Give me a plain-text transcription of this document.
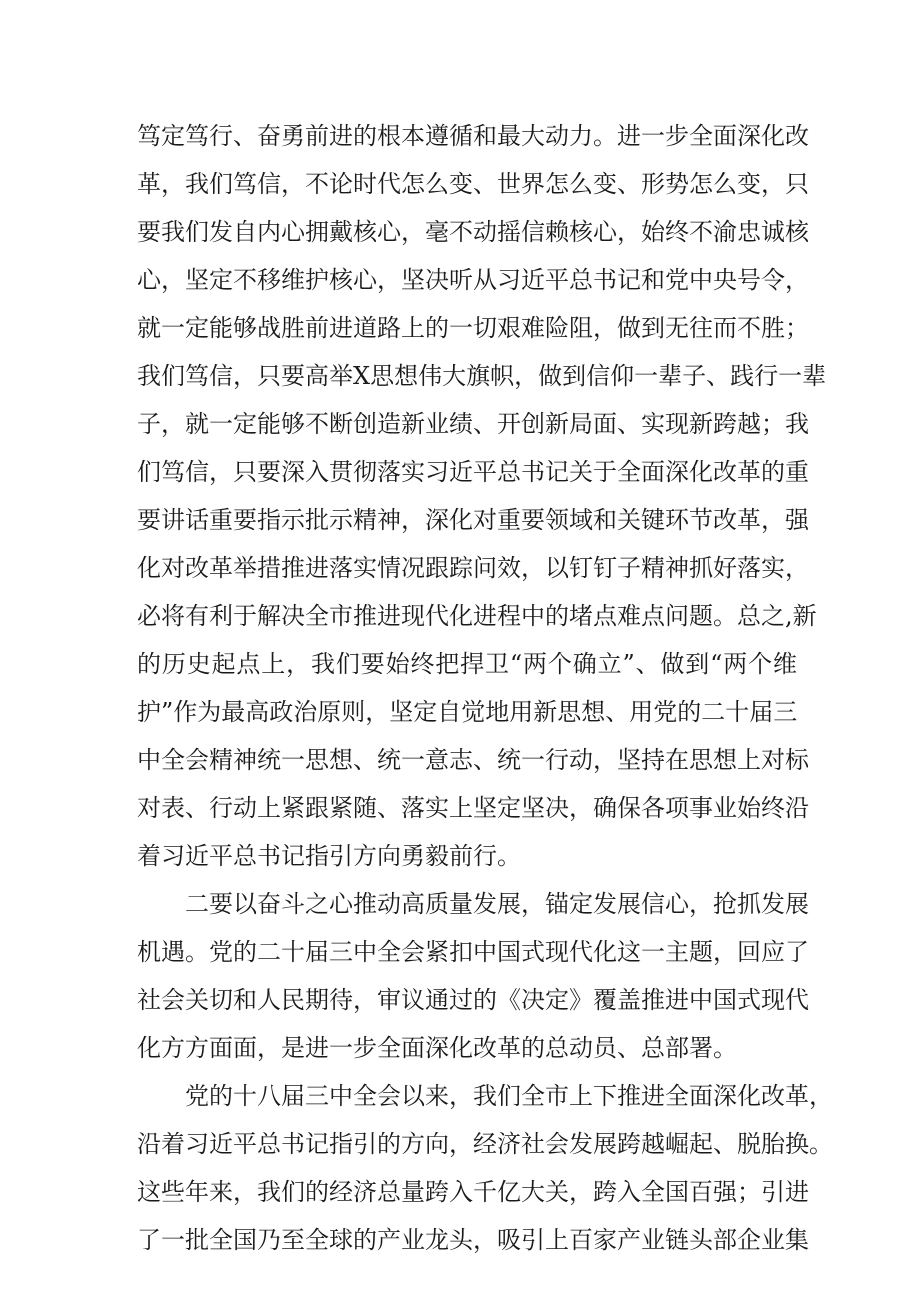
笃定笃行、奋勇前进的根本遵循和最大动力。进一步全面深化改
革，我们笃信，不论时代怎么变、世界怎么变、形势怎么变，只
要我们发自内心拥戴核心，毫不动摇信赖核心，始终不渝忠诚核
心，坚定不移维护核心，坚决听从习近平总书记和党中央号令，
就一定能够战胜前进道路上的一切艰难险阻，做到无往而不胜；
我们笃信，只要高举X思想伟大旗帜，做到信仰一辈子、践行一辈
子，就一定能够不断创造新业绩、开创新局面、实现新跨越；我
们笃信，只要深入贯彻落实习近平总书记关于全面深化改革的重
要讲话重要指示批示精神，深化对重要领域和关键环节改革，强
化对改革举措推进落实情况跟踪问效，以钉钉子精神抓好落实，
必将有利于解决全市推进现代化进程中的堵点难点问题。总之,新
的历史起点上，我们要始终把捍卫“两个确立”、做到“两个维
护”作为最高政治原则，坚定自觉地用新思想、用党的二十届三
中全会精神统一思想、统一意志、统一行动，坚持在思想上对标
对表、行动上紧跟紧随、落实上坚定坚决，确保各项事业始终沿
着习近平总书记指引方向勇毅前行。
二要以奋斗之心推动高质量发展，锚定发展信心，抢抓发展
机遇。党的二十届三中全会紧扣中国式现代化这一主题，回应了
社会关切和人民期待，审议通过的《决定》覆盖推进中国式现代
化方方面面，是进一步全面深化改革的总动员、总部署。
党的十八届三中全会以来，我们全市上下推进全面深化改革，
沿着习近平总书记指引的方向，经济社会发展跨越崛起、脱胎换。
这些年来，我们的经济总量跨入千亿大关，跨入全国百强；引进
了一批全国乃至全球的产业龙头，吸引上百家产业链头部企业集
